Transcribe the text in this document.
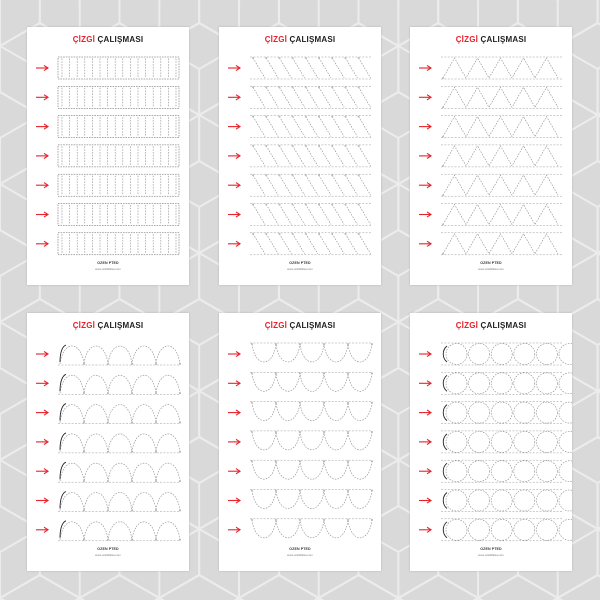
ÇİZGİ ÇALIŞMASI
OZEN PTED
www.ozelbilkisa.com
ÇİZGİ ÇALIŞMASI
OZEN PTED
www.ozelbilkisa.com
ÇİZGİ ÇALIŞMASI
OZEN PTED
www.ozelbilkisa.com
ÇİZGİ ÇALIŞMASI
OZEN PTED
www.ozelbilkisa.com
ÇİZGİ ÇALIŞMASI
OZEN PTED
www.ozelbilkisa.com
ÇİZGİ ÇALIŞMASI
OZEN PTED
www.ozelbilkisa.com
